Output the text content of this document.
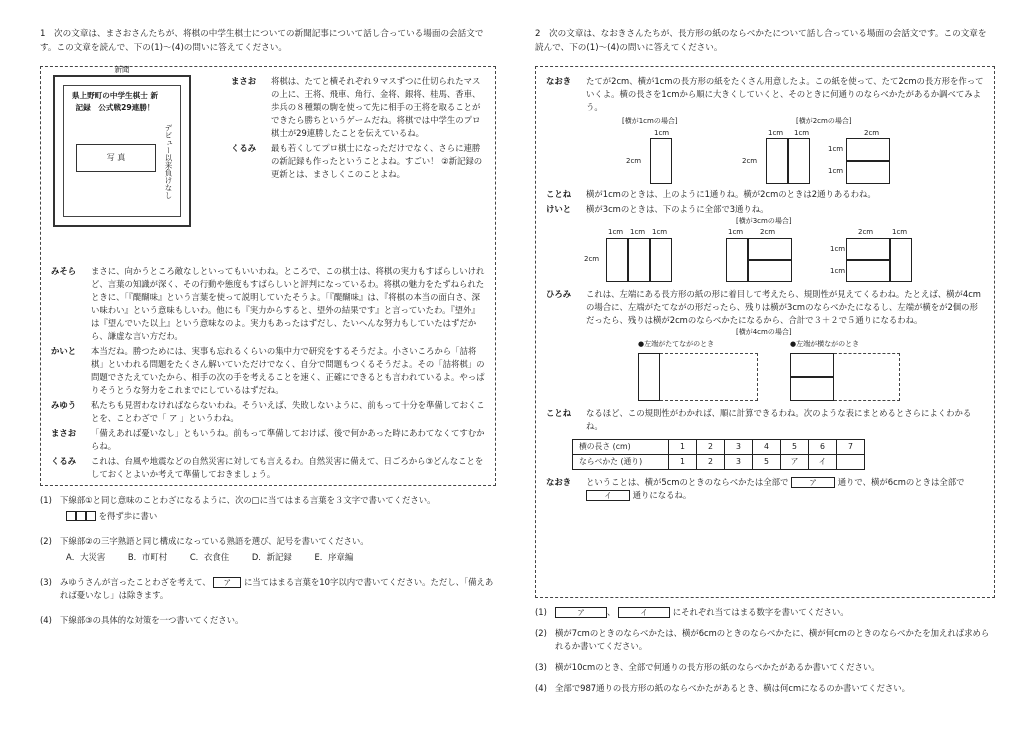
1　次の文章は、まさおさんたちが、将棋の中学生棋士についての新聞記事について話し合っている場面の会話文です。この文章を読んで、下の(1)〜(4)の問いに答えてください。
新聞
県上野町の中学生棋士 新記録　公式戦29連勝！
写 真	デビュー以来負けなし
まさお	将棋は、たてと横それぞれ９マスずつに仕切られたマスの上に、王将、飛車、角行、金将、銀将、桂馬、香車、歩兵の８種類の駒を使って先に相手の王将を取ることができたら勝ちというゲームだね。将棋では中学生のプロ棋士が29連勝したことを伝えているね。
くるみ	最も若くしてプロ棋士になっただけでなく、さらに連勝の新記録も作ったということよね。すごい！ ②新記録の更新とは、まさしくこのことよね。
みそら	まさに、向かうところ敵なしといってもいいわね。ところで、この棋士は、将棋の実力もすばらしいけれど、言葉の知識が深く、その行動や態度もすばらしいと評判になっているわ。将棋の魅力をたずねられたときに、「『醍醐味』という言葉を使って説明していたそうよ。「『醍醐味』は、『将棋の本当の面白さ、深い味わい』という意味もしいわ。他にも『実力からすると、望外の結果です』と言っていたわ。『望外』は『望んでいた以上』という意味なのよ。実力もあったはずだし、たいへんな努力もしていたはずだから、謙虚な言い方だわ。
かいと	本当だね。勝つためには、実事も忘れるくらいの集中力で研究をするそうだよ。小さいころから「詰将棋」といわれる問題をたくさん解いていただけでなく、自分で問題もつくるそうだよ。その「詰将棋」の問題でさたえていたから、相手の次の手を考えることを速く、正確にできるとも言われているよ。やっぱりそうとうな努力をこれまでにしているはずだね。
みゆう	私たちも見習わなければならないわね。そういえば、失敗しないように、前もって十分を準備しておくことを、ことわざで「 ア 」というわね。
まさお	「備えあれば憂いなし」ともいうね。前もって準備しておけば、後で何かあった時にあわてなくてすむからね。
くるみ	これは、台風や地震などの自然災害に対しても言えるわ。自然災害に備えて、日ごろから③どんなことをしておくとよいか考えて準備しておきましょう。
(1) 下線部①と同じ意味のことわざになるように、次の□に当てはまる言葉を３文字で書いてください。
を得ず歩に書い
(2) 下線部②の三字熟語と同じ構成になっている熟語を選び、記号を書いてください。
A．大災害	B．市町村	C．衣食住	D．新記録	E．序章編
(3) みゆうさんが言ったことわざを考えて、 ア に当てはまる言葉を10字以内で書いてください。ただし、「備えあれば憂いなし」は除きます。
(4) 下線部③の具体的な対策を一つ書いてください。
2　次の文章は、なおきさんたちが、長方形の紙のならべかたについて話し合っている場面の会話文です。この文章を読んで、下の(1)〜(4)の問いに答えてください。
なおき	たてが2cm、横が1cmの長方形の紙をたくさん用意したよ。この紙を使って、たて2cmの長方形を作っていくよ。横の長さを1cmから順に大きくしていくと、そのときに何通りのならべかたがあるか調べてみよう。
[横が1cmの場合]	[横が2cmの場合]
1cm
2cm
1cm 1cm
2cm
2cm
1cm
1cm
ことね	横が1cmのときは、上のように1通りね。横が2cmのときは2通りあるわね。
けいと	横が3cmのときは、下のように全部で3通りね。
[横が3cmの場合]
1cm 1cm 1cm
2cm
1cm 2cm	2cm	1cm
1cm
1cm
ひろみ	これは、左端にある長方形の紙の形に着目して考えたら、規則性が見えてくるわね。たとえば、横が4cmの場合に、左端がたてながの形だったら、残りは横が3cmのならべかたになるし、左端が横をが2個の形だったら、残りは横が2cmのならべかたになるから、合計で３＋２で５通りになるわね。
[横が4cmの場合]
●左端がたてながのとき	●左端が横ながのとき
ことね	なるほど、この規則性がわかれば、順に計算できるわね。次のような表にまとめるとさらによくわかるね。
横の長さ (cm)	1	2	3	4	5	6	7
ならべかた (通り)	1	2	3	5	ア	イ	
なおき	ということは、横が5cmのときのならべかたは全部で	ア 通りで、横が6cmのときは全部で イ 通りになるね。
(1)	ア	、	イ	にそれぞれ当てはまる数字を書いてください。
(2) 横が7cmのときのならべかたは、横が6cmのときのならべかたに、横が何cmのときのならべかたを加えれば求められるか書いてください。
(3) 横が10cmのとき、全部で何通りの長方形の紙のならべかたがあるか書いてください。
(4) 全部で987通りの長方形の紙のならべかたがあるとき、横は何cmになるのか書いてください。
